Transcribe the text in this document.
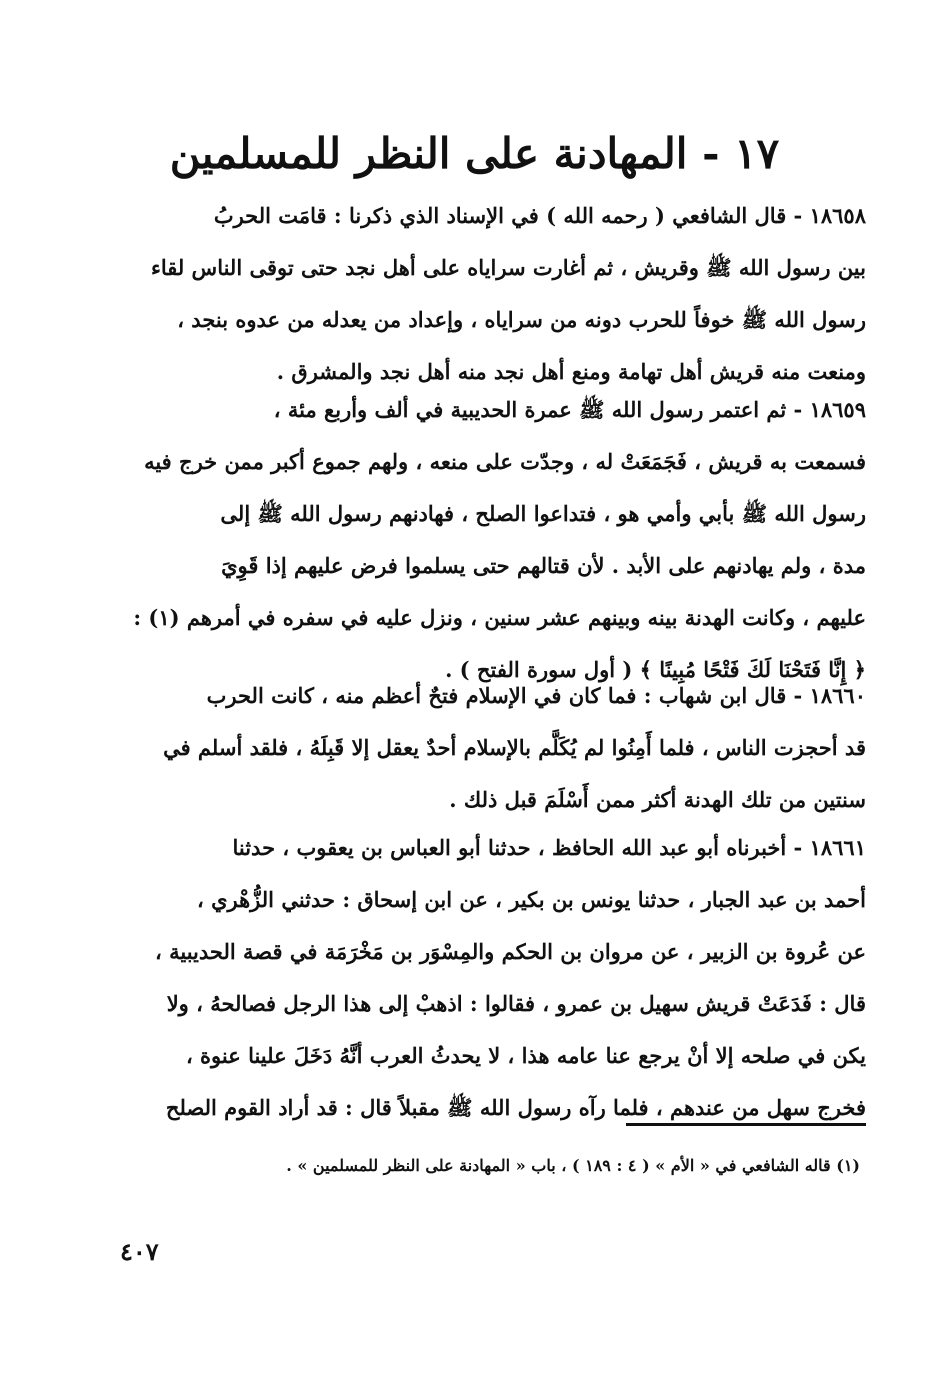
١٧ - المهادنة على النظر للمسلمين
١٨٦٥٨ - قال الشافعي ( رحمه الله ) في الإسناد الذي ذكرنا : قامَت الحربُ
بين رسول الله ﷺ وقريش ، ثم أغارت سراياه على أهل نجد حتى توقى الناس لقاء
رسول الله ﷺ خوفاً للحرب دونه من سراياه ، وإعداد من يعدله من عدوه بنجد ،
ومنعت منه قريش أهل تهامة ومنع أهل نجد منه أهل نجد والمشرق .
١٨٦٥٩ - ثم اعتمر رسول الله ﷺ عمرة الحديبية في ألف وأربع مئة ،
فسمعت به قريش ، فَجَمَعَتْ له ، وجدّت على منعه ، ولهم جموع أكبر ممن خرج فيه
رسول الله ﷺ بأبي وأمي هو ، فتداعوا الصلح ، فهادنهم رسول الله ﷺ إلى
مدة ، ولم يهادنهم على الأبد . لأن قتالهم حتى يسلموا فرض عليهم إذا قَوِيَ
عليهم ، وكانت الهدنة بينه وبينهم عشر سنين ، ونزل عليه في سفره في أمرهم (١) :
﴿ إِنَّا فَتَحْنَا لَكَ فَتْحًا مُبِينًا ﴾ ( أول سورة الفتح ) .
١٨٦٦٠ - قال ابن شهاب : فما كان في الإسلام فتحٌ أعظم منه ، كانت الحرب
قد أحجزت الناس ، فلما أَمِنُوا لم يُكَلَّم بالإسلام أحدٌ يعقل إلا قَبِلَهُ ، فلقد أسلم في
سنتين من تلك الهدنة أكثر ممن أَسْلَمَ قبل ذلك .
١٨٦٦١ - أخبرناه أبو عبد الله الحافظ ، حدثنا أبو العباس بن يعقوب ، حدثنا
أحمد بن عبد الجبار ، حدثنا يونس بن بكير ، عن ابن إسحاق : حدثني الزُّهْري ،
عن عُروة بن الزبير ، عن مروان بن الحكم والمِسْوَر بن مَخْرَمَة في قصة الحديبية ،
قال : فَدَعَتْ قريش سهيل بن عمرو ، فقالوا : اذهبْ إلى هذا الرجل فصالحهُ ، ولا
يكن في صلحه إلا أنْ يرجع عنا عامه هذا ، لا يحدثُ العرب أنَّهُ دَخَلَ علينا عنوة ،
فخرج سهل من عندهم ، فلما رآه رسول الله ﷺ مقبلاً قال : قد أراد القوم الصلح
(١) قاله الشافعي في « الأم » ( ٤ : ١٨٩ ) ، باب « المهادنة على النظر للمسلمين » .
٤٠٧
